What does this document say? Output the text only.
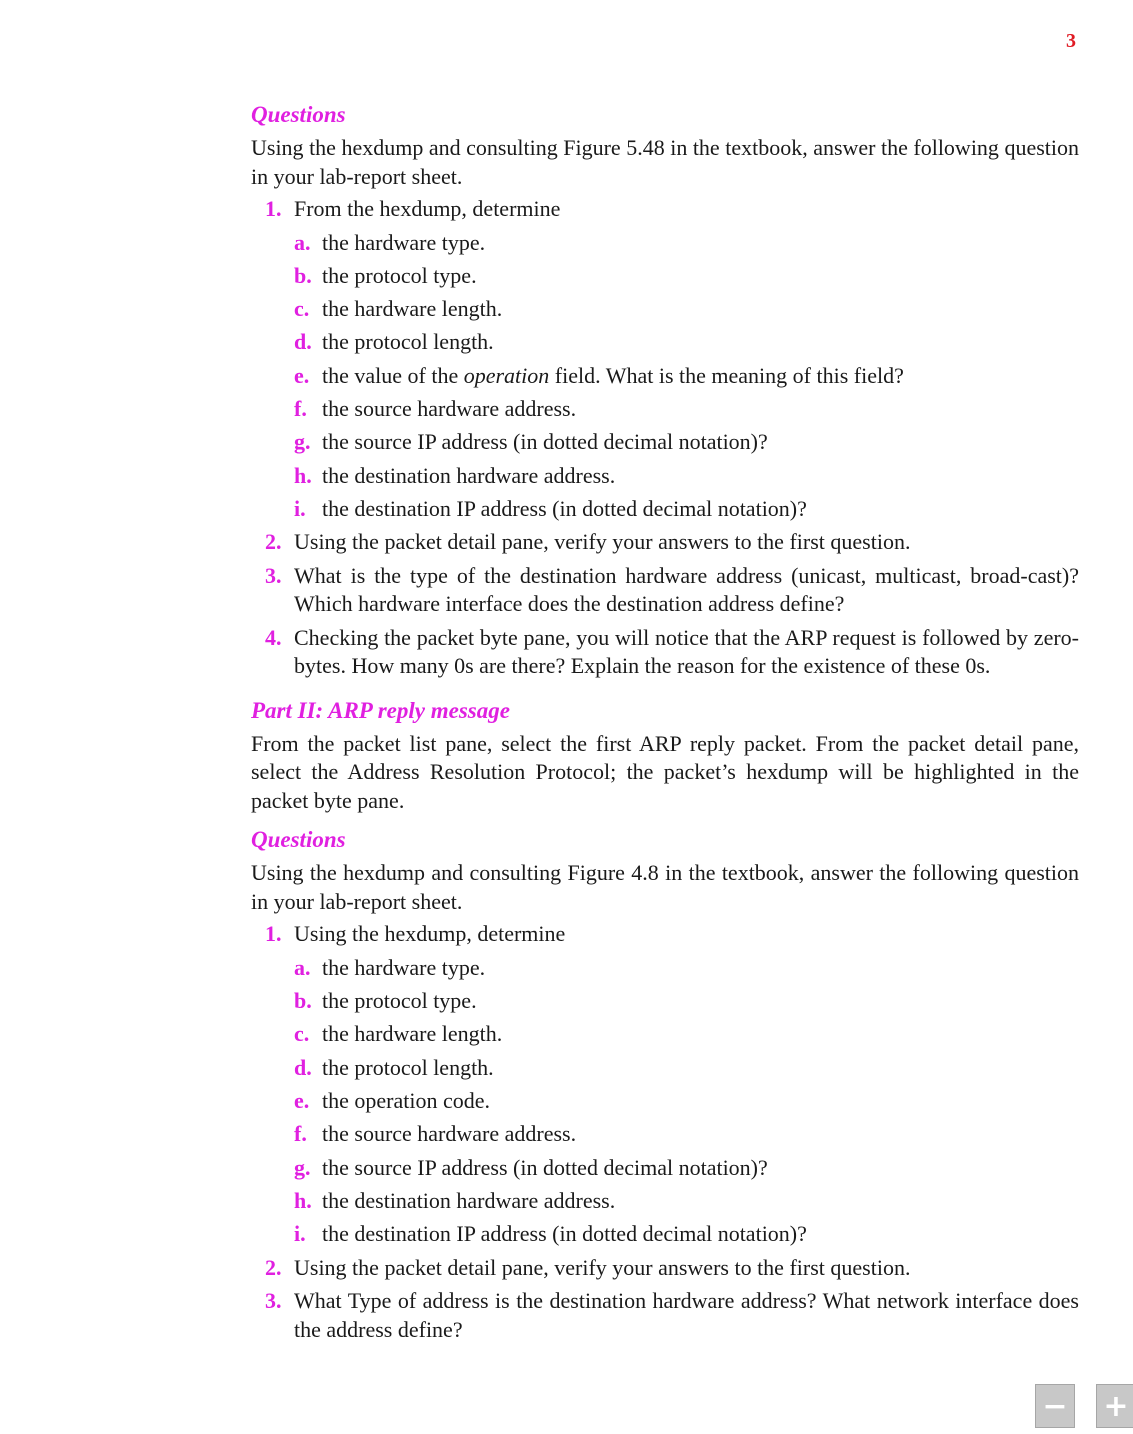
3
Questions

Using the hexdump and consulting Figure 5.48 in the textbook, answer the following question in your lab-report sheet.

1. From the hexdump, determine
a. the hardware type.
b. the protocol type.
c. the hardware length.
d. the protocol length.
e. the value of the operation field. What is the meaning of this field?
f. the source hardware address.
g. the source IP address (in dotted decimal notation)?
h. the destination hardware address.
i. the destination IP address (in dotted decimal notation)?
2. Using the packet detail pane, verify your answers to the first question.
3. What is the type of the destination hardware address (unicast, multicast, broad-cast)? Which hardware interface does the destination address define?
4. Checking the packet byte pane, you will notice that the ARP request is followed by zero-bytes. How many 0s are there? Explain the reason for the existence of these 0s.
Part II: ARP reply message

From the packet list pane, select the first ARP reply packet. From the packet detail pane, select the Address Resolution Protocol; the packet’s hexdump will be highlighted in the packet byte pane.

Questions

Using the hexdump and consulting Figure 4.8 in the textbook, answer the following question in your lab-report sheet.

1. Using the hexdump, determine
a. the hardware type.
b. the protocol type.
c. the hardware length.
d. the protocol length.
e. the operation code.
f. the source hardware address.
g. the source IP address (in dotted decimal notation)?
h. the destination hardware address.
i. the destination IP address (in dotted decimal notation)?
2. Using the packet detail pane, verify your answers to the first question.
3. What Type of address is the destination hardware address? What network interface does the address define?
− +
